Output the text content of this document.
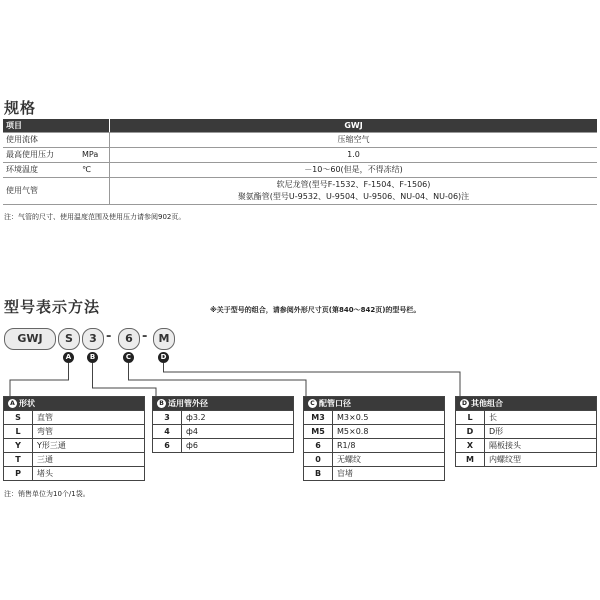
规格
项目		GWJ
使用流体		压缩空气
最高使用压力	MPa	1.0
环境温度	℃	－10～60(但是，不得冻结)
使用气管		软尼龙管(型号F-1532、F-1504、F-1506)
聚氨酯管(型号U-9532、U-9504、U-9506、NU-04、NU-06)注
注：气管的尺寸、使用温度范围及使用压力请参阅902页。
型号表示方法	※关于型号的组合，请参阅外形尺寸页(第840～842页)的型号栏。
GWJ	S	3 -	6 -	M
A	B	C	D
A 形状	
S	直管
L	弯管
Y	Y形三通
T	三通
P	堵头
B 适用管外径	
3	ф3.2
4	ф4
6	ф6
C 配管口径	
M3	M3×0.5
M5	M5×0.8
6	R1/8
0	无螺纹
B	盲堵
D 其他组合	
L	长
D	D形
X	隔板接头
M	内螺纹型
注：销售单位为10个/1袋。
